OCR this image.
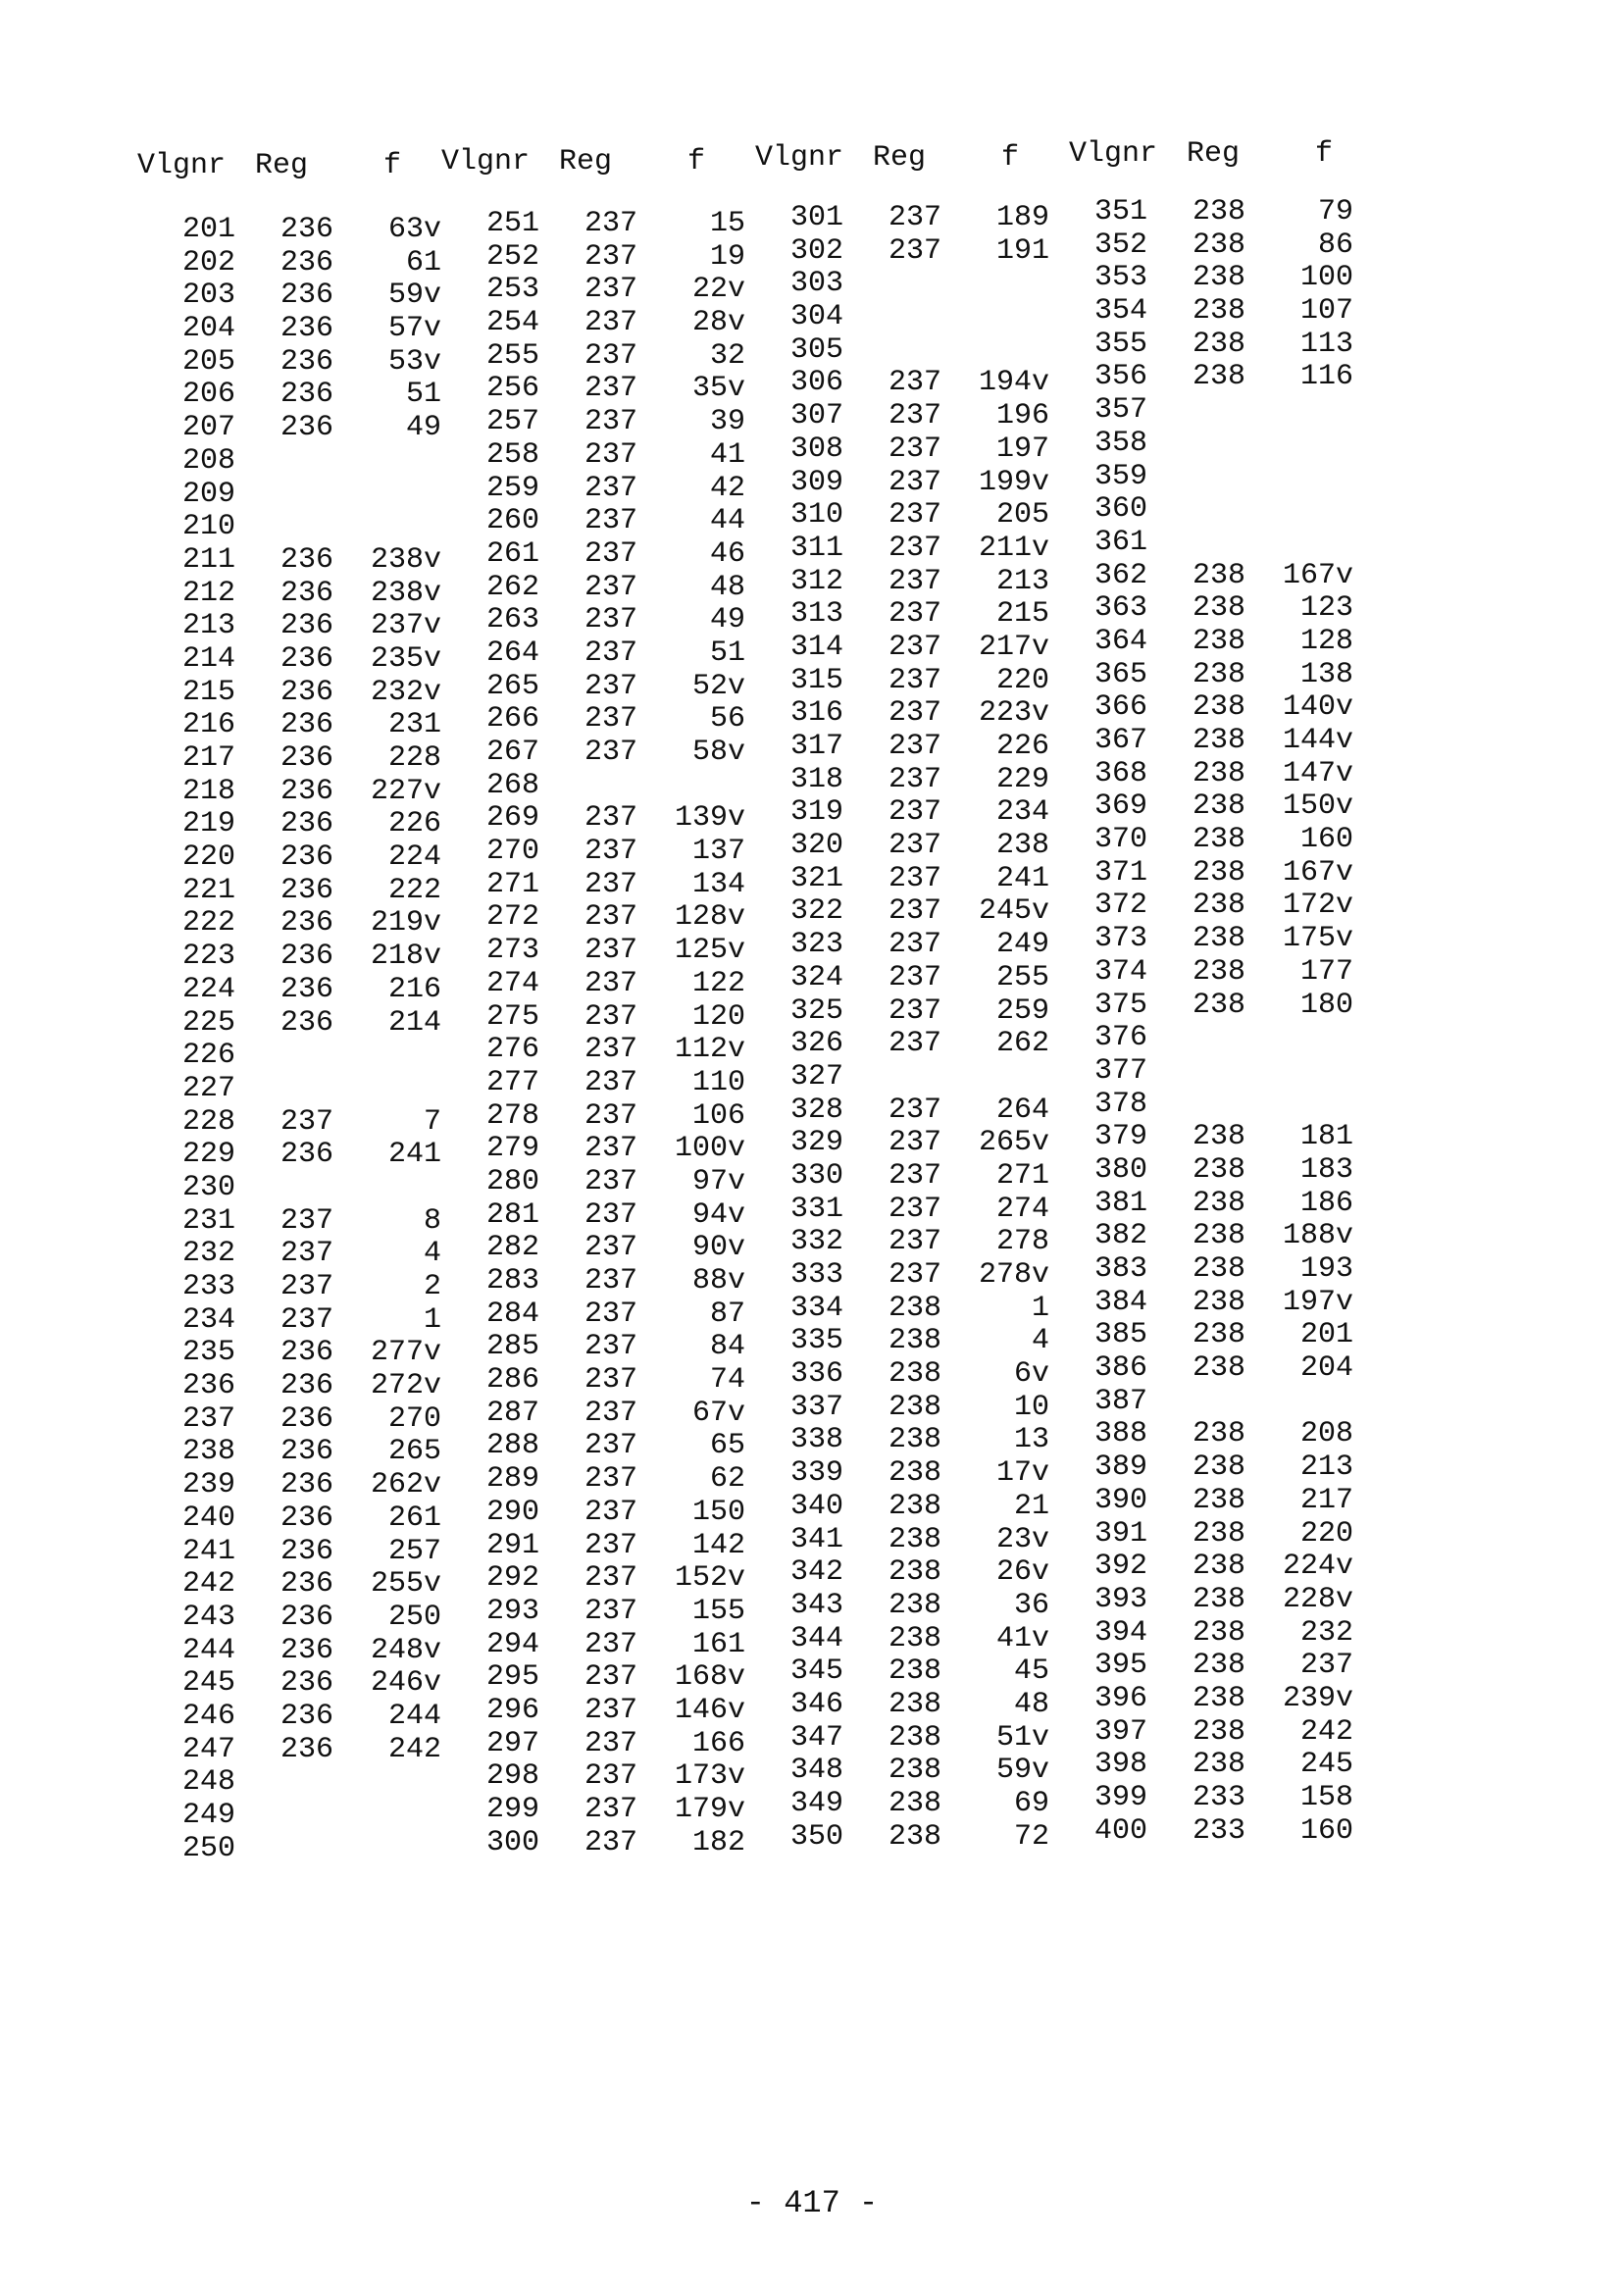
Vlgnr Reg	f	Vlgnr Reg	f	Vlgnr Reg	f	Vlgnr Reg	f
201 236 63v
202 236 61
203 236 59v
204 236 57v
205 236 53v
206 236 51
207 236 49
208
209
210
211 236 238v
212 236 238v
213 236 237v
214 236 235v
215 236 232v
216 236 231
217 236 228
218 236 227v
219 236 226
220 236 224
221 236 222
222 236 219v
223 236 218v
224 236 216
225 236 214
226
227
228 237	7
229 236 241
230
231 237	8
232 237	4
233 237	2
234 237	1
235 236 277v
236 236 272v
237 236 270
238 236 265
239 236 262v
240 236 261
241 236 257
242 236 255v
243 236 250
244 236 248v
245 236 246v
246 236 244
247 236 242
248
249
250
251 237 15
252 237 19
253 237 22v
254 237 28v
255 237 32
256 237 35v
257 237 39
258 237 41
259 237 42
260 237 44
261 237 46
262 237 48
263 237 49
264 237 51
265 237 52v
266 237 56
267 237 58v
268
269 237 139v
270 237 137
271 237 134
272 237 128v
273 237 125v
274 237 122
275 237 120
276 237 112v
277 237 110
278 237 106
279 237 100v
280 237 97v
281 237 94v
282 237 90v
283 237 88v
284 237 87
285 237 84
286 237 74
287 237 67v
288 237 65
289 237 62
290 237 150
291 237 142
292 237 152v
293 237 155
294 237 161
295 237 168v
296 237 146v
297 237 166
298 237 173v
299 237 179v
300 237 182
301 237 189
302 237 191
303
304
305
306 237 194v
307 237 196
308 237 197
309 237 199v
310 237 205
311 237 211v
312 237 213
313 237 215
314 237 217v
315 237 220
316 237 223v
317 237 226
318 237 229
319 237 234
320 237 238
321 237 241
322 237 245v
323 237 249
324 237 255
325 237 259
326 237 262
327
328 237 264
329 237 265v
330 237 271
331 237 274
332 237 278
333 237 278v
334 238	1
335 238	4
336 238 6v
337 238 10
338 238 13
339 238 17v
340 238 21
341 238 23v
342 238 26v
343 238 36
344 238 41v
345 238 45
346 238 48
347 238 51v
348 238 59v
349 238 69
350 238 72
351 238 79
352 238 86
353 238 100
354 238 107
355 238 113
356 238 116
357
358
359
360
361
362 238 167v
363 238 123
364 238 128
365 238 138
366 238 140v
367 238 144v
368 238 147v
369 238 150v
370 238 160
371 238 167v
372 238 172v
373 238 175v
374 238 177
375 238 180
376
377
378
379 238 181
380 238 183
381 238 186
382 238 188v
383 238 193
384 238 197v
385 238 201
386 238 204
387
388 238 208
389 238 213
390 238 217
391 238 220
392 238 224v
393 238 228v
394 238 232
395 238 237
396 238 239v
397 238 242
398 238 245
399 233 158
400 233 160
- 417 -
